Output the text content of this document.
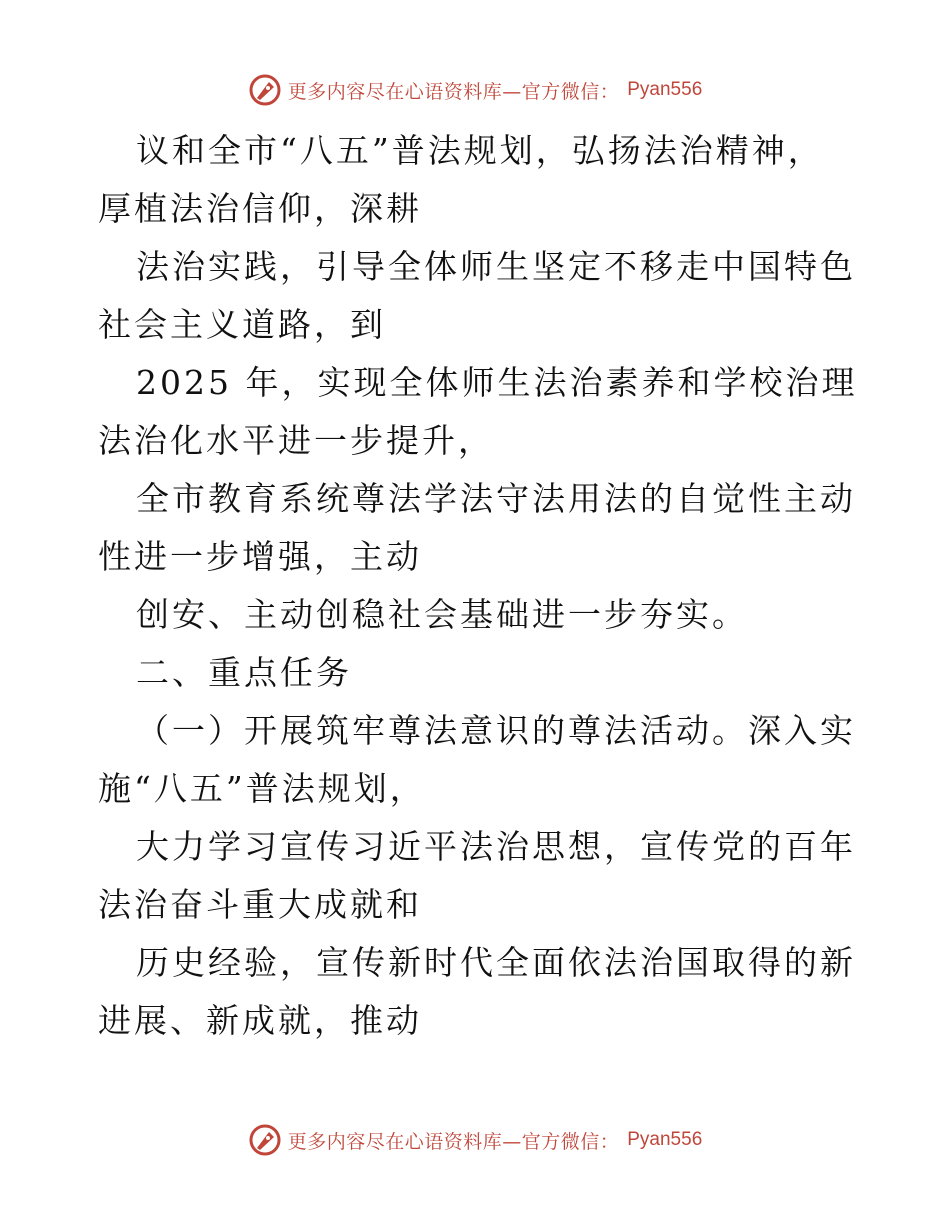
更多内容尽在心语资料库—官方微信： Pyan556

议和全市“八五”普法规划，弘扬法治精神，厚植法治信仰，深耕

法治实践，引导全体师生坚定不移走中国特色社会主义道路，到

2025 年，实现全体师生法治素养和学校治理法治化水平进一步提升，

全市教育系统尊法学法守法用法的自觉性主动性进一步增强，主动

创安、主动创稳社会基础进一步夯实。

二、重点任务

（一）开展筑牢尊法意识的尊法活动。深入实施“八五”普法规划，

大力学习宣传习近平法治思想，宣传党的百年法治奋斗重大成就和

历史经验，宣传新时代全面依法治国取得的新进展、新成就，推动

更多内容尽在心语资料库—官方微信： Pyan556
